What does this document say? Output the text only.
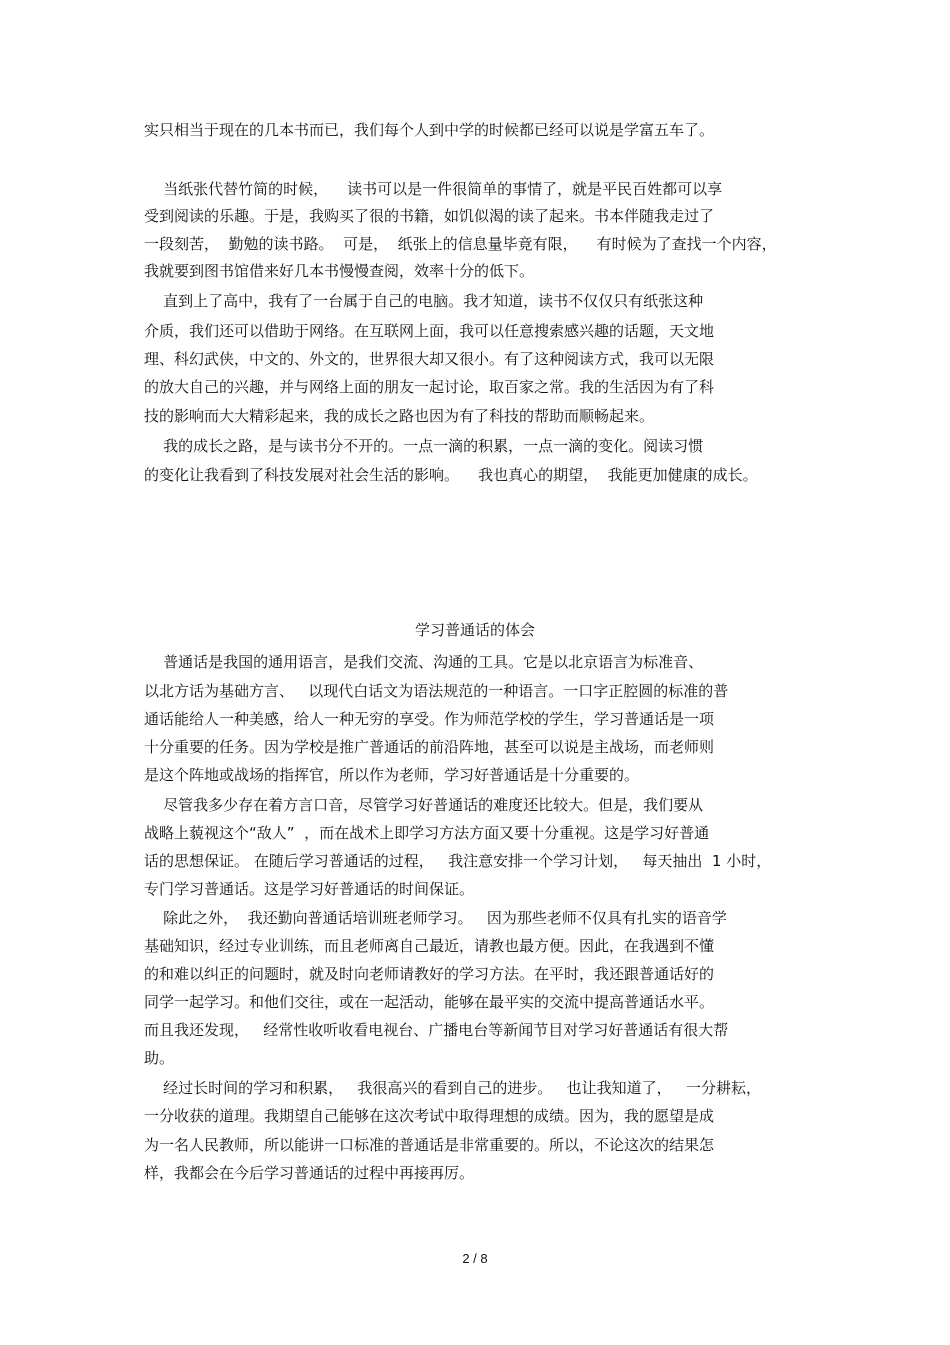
实只相当于现在的几本书而已，我们每个人到中学的时候都已经可以说是学富五车了。
当纸张代替竹简的时候，    读书可以是一件很简单的事情了，就是平民百姓都可以享
受到阅读的乐趣。于是，我购买了很的书籍，如饥似渴的读了起来。书本伴随我走过了
一段刻苦，  勤勉的读书路。  可是，  纸张上的信息量毕竟有限，    有时候为了查找一个内容，
我就要到图书馆借来好几本书慢慢查阅，效率十分的低下。
直到上了高中，我有了一台属于自己的电脑。我才知道，读书不仅仅只有纸张这种
介质，我们还可以借助于网络。在互联网上面，我可以任意搜索感兴趣的话题，天文地
理、科幻武侠，中文的、外文的，世界很大却又很小。有了这种阅读方式，我可以无限
的放大自己的兴趣，并与网络上面的朋友一起讨论，取百家之常。我的生活因为有了科
技的影响而大大精彩起来，我的成长之路也因为有了科技的帮助而顺畅起来。
我的成长之路，是与读书分不开的。一点一滴的积累，一点一滴的变化。阅读习惯
的变化让我看到了科技发展对社会生活的影响。    我也真心的期望，  我能更加健康的成长。
学习普通话的体会
普通话是我国的通用语言，是我们交流、沟通的工具。它是以北京语言为标准音、
以北方话为基础方言、   以现代白话文为语法规范的一种语言。一口字正腔圆的标准的普
通话能给人一种美感，给人一种无穷的享受。作为师范学校的学生，学习普通话是一项
十分重要的任务。因为学校是推广普通话的前沿阵地，甚至可以说是主战场，而老师则
是这个阵地或战场的指挥官，所以作为老师，学习好普通话是十分重要的。
尽管我多少存在着方言口音，尽管学习好普通话的难度还比较大。但是，我们要从
战略上藐视这个“敌人”  ，而在战术上即学习方法方面又要十分重视。这是学习好普通
话的思想保证。 在随后学习普通话的过程，   我注意安排一个学习计划，   每天抽出  1 小时，
专门学习普通话。这是学习好普通话的时间保证。
除此之外，  我还勤向普通话培训班老师学习。   因为那些老师不仅具有扎实的语音学
基础知识，经过专业训练，而且老师离自己最近，请教也最方便。因此，在我遇到不懂
的和难以纠正的问题时，就及时向老师请教好的学习方法。在平时，我还跟普通话好的
同学一起学习。和他们交往，或在一起活动，能够在最平实的交流中提高普通话水平。
而且我还发现，   经常性收听收看电视台、广播电台等新闻节目对学习好普通话有很大帮
助。
经过长时间的学习和积累，   我很高兴的看到自己的进步。   也让我知道了，   一分耕耘，
一分收获的道理。我期望自己能够在这次考试中取得理想的成绩。因为，我的愿望是成
为一名人民教师，所以能讲一口标准的普通话是非常重要的。所以，不论这次的结果怎
样，我都会在今后学习普通话的过程中再接再厉。
2 / 8
